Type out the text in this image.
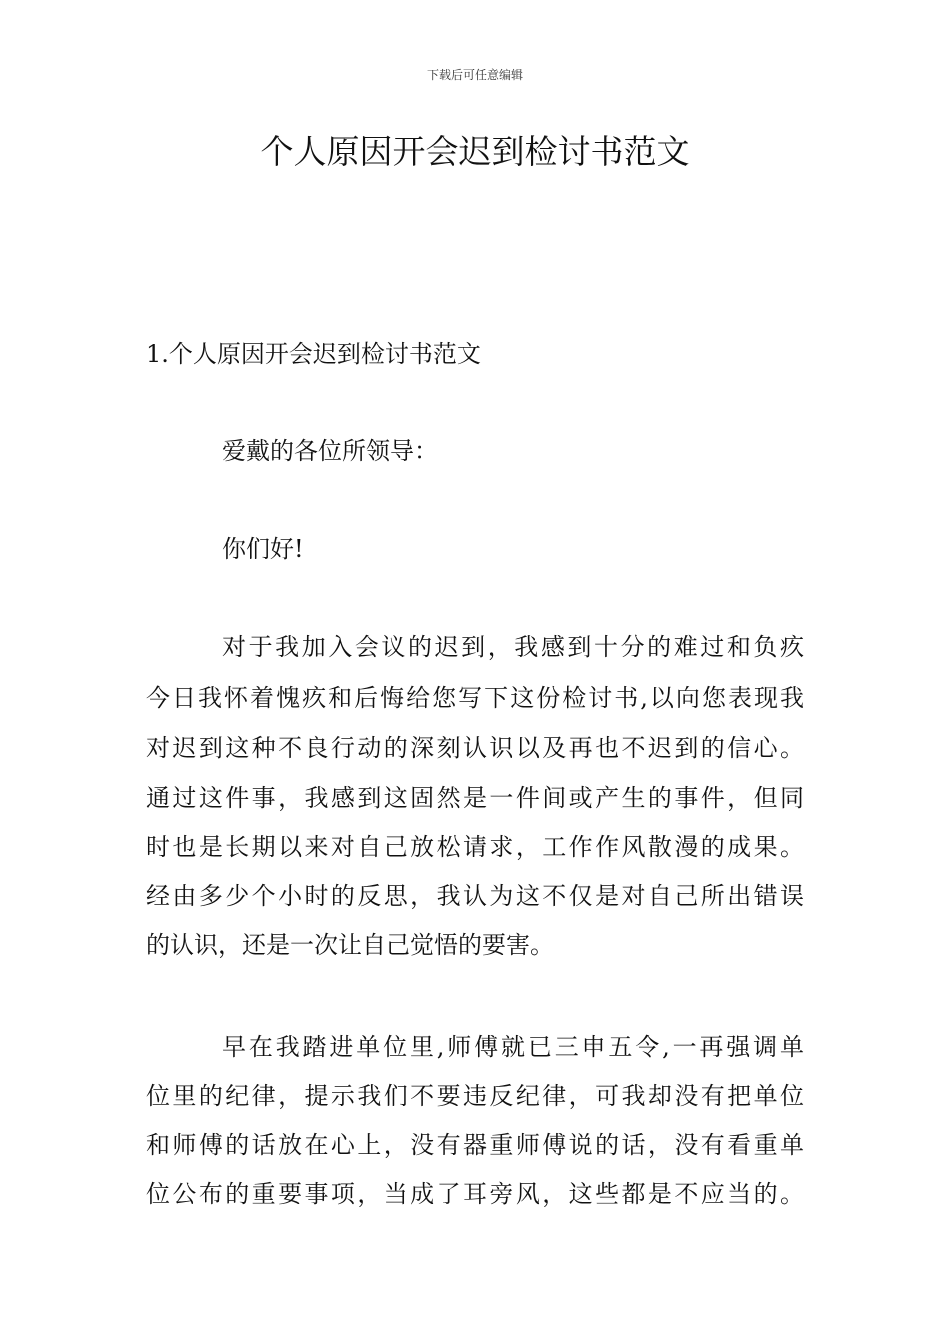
下载后可任意编辑
个人原因开会迟到检讨书范文
1.个人原因开会迟到检讨书范文
爱戴的各位所领导：
你们好!
对于我加入会议的迟到，我感到十分的难过和负疚
今日我怀着愧疚和后悔给您写下这份检讨书,以向您表现我
对迟到这种不良行动的深刻认识以及再也不迟到的信心。
通过这件事，我感到这固然是一件间或产生的事件，但同
时也是长期以来对自己放松请求，工作作风散漫的成果。
经由多少个小时的反思，我认为这不仅是对自己所出错误
的认识，还是一次让自己觉悟的要害。
早在我踏进单位里,师傅就已三申五令,一再强调单
位里的纪律，提示我们不要违反纪律，可我却没有把单位
和师傅的话放在心上，没有器重师傅说的话，没有看重单
位公布的重要事项，当成了耳旁风，这些都是不应当的。
